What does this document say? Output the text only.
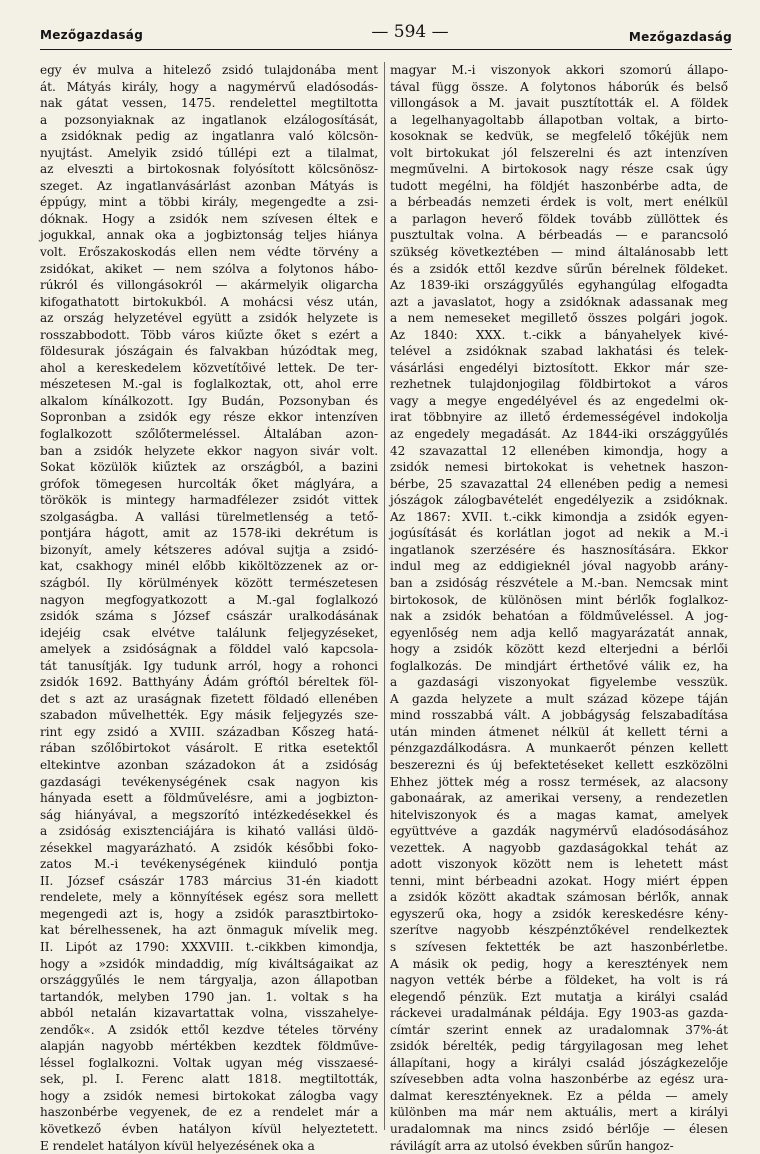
Mezőgazdaság	— 594 —	Mezőgazdaság
egy év mulva a hitelező zsidó tulajdonába ment
át. Mátyás király, hogy a nagymérvű eladósodás-
nak gátat vessen, 1475. rendelettel megtiltotta
a pozsonyiaknak az ingatlanok elzálogosítását,
a zsidóknak pedig az ingatlanra való kölcsön-
nyujtást. Amelyik zsidó túllépi ezt a tilalmat,
az elveszti a birtokosnak folyósított kölcsönösz-
szeget. Az ingatlanvásárlást azonban Mátyás is
éppúgy, mint a többi király, megengedte a zsi-
dóknak. Hogy a zsidók nem szívesen éltek e
jogukkal, annak oka a jogbiztonság teljes hiánya
volt. Erőszakoskodás ellen nem védte törvény a
zsidókat, akiket — nem szólva a folytonos hábo-
rúkról és villongásokról — akármelyik oligarcha
kifogathatott birtokukból. A mohácsi vész után,
az ország helyzetével együtt a zsidók helyzete is
rosszabbodott. Több város kiűzte őket s ezért a
földesurak jószágain és falvakban húzódtak meg,
ahol a kereskedelem közvetítőivé lettek. De ter-
mészetesen M.-gal is foglalkoztak, ott, ahol erre
alkalom kínálkozott. Igy Budán, Pozsonyban és
Sopronban a zsidók egy része ekkor intenzíven
foglalkozott szőlőtermeléssel. Általában azon-
ban a zsidók helyzete ekkor nagyon sivár volt.
Sokat közülök kiűztek az országból, a bazini
grófok tömegesen hurcolták őket máglyára, a
törökök is mintegy harmadfélezer zsidót vittek
szolgaságba. A vallási türelmetlenség a tető-
pontjára hágott, amit az 1578-iki dekrétum is
bizonyít, amely kétszeres adóval sujtja a zsidó-
kat, csakhogy minél előbb kiköltözzenek az or-
szágból. Ily körülmények között természetesen
nagyon megfogyatkozott a M.-gal foglalkozó
zsidók száma s József császár uralkodásának
idejéig csak elvétve találunk feljegyzéseket,
amelyek a zsidóságnak a földdel való kapcsola-
tát tanusítják. Igy tudunk arról, hogy a rohonci
zsidók 1692. Batthyány Ádám gróftól béreltek föl-
det s azt az uraságnak fizetett földadó ellenében
szabadon művelhették. Egy másik feljegyzés sze-
rint egy zsidó a XVIII. században Kőszeg hatá-
rában szőlőbirtokot vásárolt. E ritka esetektől
eltekintve azonban századokon át a zsidóság
gazdasági tevékenységének csak nagyon kis
hányada esett a földművelésre, ami a jogbizton-
ság hiányával, a megszorító intézkedésekkel és
a zsidóság exisztenciájára is kiható vallási üldö-
zésekkel magyarázható. A zsidók későbbi foko-
zatos M.-i tevékenységének kiinduló pontja
II. József császár 1783 március 31-én kiadott
rendelete, mely a könnyítések egész sora mellett
megengedi azt is, hogy a zsidók parasztbirtoko-
kat bérelhessenek, ha azt önmaguk mívelik meg.
II. Lipót az 1790: XXXVIII. t.-cikkben kimondja,
hogy a »zsidók mindaddig, míg kiváltságaikat az
országgyűlés le nem tárgyalja, azon állapotban
tartandók, melyben 1790 jan. 1. voltak s ha
abból netalán kizavartattak volna, visszahelye-
zendők«. A zsidók ettől kezdve tételes törvény
alapján nagyobb mértékben kezdtek földműve-
léssel foglalkozni. Voltak ugyan még visszaesé-
sek, pl. I. Ferenc alatt 1818. megtiltották,
hogy a zsidók nemesi birtokokat zálogba vagy
haszonbérbe vegyenek, de ez a rendelet már a
következő évben hatályon kívül helyeztetett.
E rendelet hatályon kívül helyezésének oka a
magyar M.-i viszonyok akkori szomorú állapo-
tával függ össze. A folytonos háborúk és belső
villongások a M. javait pusztították el. A földek
a legelhanyagoltabb állapotban voltak, a birto-
kosoknak se kedvük, se megfelelő tőkéjük nem
volt birtokukat jól felszerelni és azt intenzíven
megművelni. A birtokosok nagy része csak úgy
tudott megélni, ha földjét haszonbérbe adta, de
a bérbeadás nemzeti érdek is volt, mert enélkül
a parlagon heverő földek tovább züllöttek és
pusztultak volna. A bérbeadás — e parancsoló
szükség következtében — mind általánosabb lett
és a zsidók ettől kezdve sűrűn bérelnek földeket.
Az 1839-iki országgyűlés egyhangúlag elfogadta
azt a javaslatot, hogy a zsidóknak adassanak meg
a nem nemeseket megillető összes polgári jogok.
Az 1840: XXX. t.-cikk a bányahelyek kivé-
telével a zsidóknak szabad lakhatási és telek-
vásárlási engedélyi biztosított. Ekkor már sze-
rezhetnek tulajdonjogilag földbirtokot a város
vagy a megye engedélyével és az engedelmi ok-
irat többnyire az illető érdemességével indokolja
az engedely megadását. Az 1844-iki országgyűlés
42 szavazattal 12 ellenében kimondja, hogy a
zsidók nemesi birtokokat is vehetnek haszon-
bérbe, 25 szavazattal 24 ellenében pedig a nemesi
jószágok zálogbavételét engedélyezik a zsidóknak.
Az 1867: XVII. t.-cikk kimondja a zsidók egyen-
jogúsítását és korlátlan jogot ad nekik a M.-i
ingatlanok szerzésére és hasznosítására. Ekkor
indul meg az eddigieknél jóval nagyobb arány-
ban a zsidóság részvétele a M.-ban. Nemcsak mint
birtokosok, de különösen mint bérlők foglalkoz-
nak a zsidók behatóan a földműveléssel. A jog-
egyenlőség nem adja kellő magyarázatát annak,
hogy a zsidók között kezd elterjedni a bérlői
foglalkozás. De mindjárt érthetővé válik ez, ha
a gazdasági viszonyokat figyelembe vesszük.
A gazda helyzete a mult század közepe táján
mind rosszabbá vált. A jobbágyság felszabadítása
után minden átmenet nélkül át kellett térni a
pénzgazdálkodásra. A munkaerőt pénzen kellett
beszerezni és új befektetéseket kellett eszközölni
Ehhez jöttek még a rossz termések, az alacsony
gabonaárak, az amerikai verseny, a rendezetlen
hitelviszonyok és a magas kamat, amelyek
együttvéve a gazdák nagymérvű eladósodásához
vezettek. A nagyobb gazdaságokkal tehát az
adott viszonyok között nem is lehetett mást
tenni, mint bérbeadni azokat. Hogy miért éppen
a zsidók között akadtak számosan bérlők, annak
egyszerű oka, hogy a zsidók kereskedésre kény-
szerítve nagyobb készpénztőkével rendelkeztek
s szívesen fektették be azt haszonbérletbe.
A másik ok pedig, hogy a keresztények nem
nagyon vették bérbe a földeket, ha volt is rá
elegendő pénzük. Ezt mutatja a királyi család
ráckevei uradalmának példája. Egy 1903-as gazda-
címtár szerint ennek az uradalomnak 37%-át
zsidók bérelték, pedig tárgyilagosan meg lehet
állapítani, hogy a királyi család jószágkezelője
szívesebben adta volna haszonbérbe az egész ura-
dalmat keresztényeknek. Ez a példa — amely
különben ma már nem aktuális, mert a királyi
uradalomnak ma nincs zsidó bérlője — élesen
rávilágít arra az utolsó években sűrűn hangoz-
